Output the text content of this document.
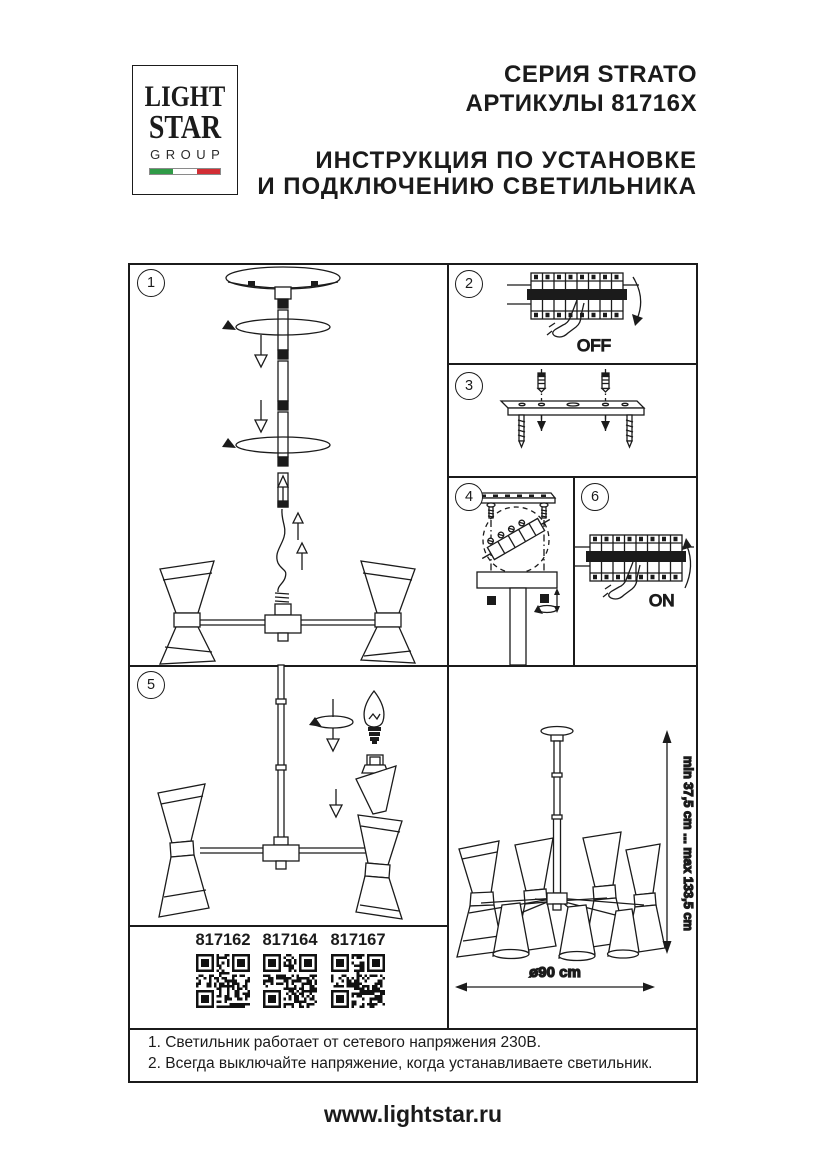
LIGHT
STAR
GROUP
СЕРИЯ STRATO
АРТИКУЛЫ 81716X
ИНСТРУКЦИЯ ПО УСТАНОВКЕ
И ПОДКЛЮЧЕНИЮ СВЕТИЛЬНИКА
1	2
3
4
5
6
OFF
ON
817162 817164 817167
min 37,5 cm ... max 133,5 cm
ø90 cm
1. Светильник работает от сетевого напряжения 230В.
2. Всегда выключайте напряжение, когда устанавливаете светильник.
www.lightstar.ru
